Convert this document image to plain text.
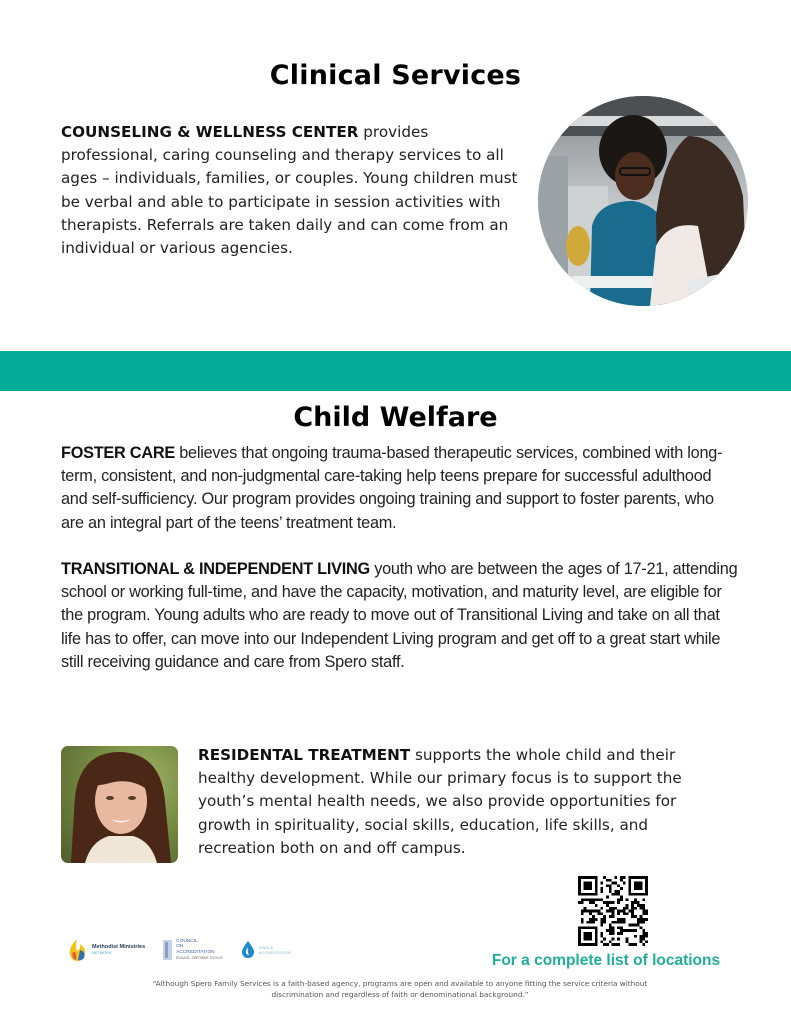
Clinical Services

COUNSELING & WELLNESS CENTER provides professional, caring counseling and therapy services to all ages – individuals, families, or couples. Young children must be verbal and able to participate in session activities with therapists. Referrals are taken daily and can come from an individual or various agencies.

Child Welfare

FOSTER CARE believes that ongoing trauma-based therapeutic services, combined with long-term, consistent, and non-judgmental care-taking help teens prepare for successful adulthood and self-sufficiency. Our program provides ongoing training and support to foster parents, who are an integral part of the teens’ treatment team.

TRANSITIONAL & INDEPENDENT LIVING youth who are between the ages of 17-21, attending school or working full-time, and have the capacity, motivation, and maturity level, are eligible for the program. Young adults who are ready to move out of Transitional Living and take on all that life has to offer, can move into our Independent Living program and get off to a great start while still receiving guidance and care from Spero staff.

RESIDENTAL TREATMENT supports the whole child and their healthy development. While our primary focus is to support the youth’s mental health needs, we also provide opportunities for growth in spirituality, social skills, education, life skills, and recreation both on and off campus.

Methodist Ministries
NETWORK
COUNCIL
ON
ACCREDITATION
ENGAGE. EMPOWER. EVOLVE
SINGLE
ACCREDITATION	For a complete list of locations

“Although Spero Family Services is a faith-based agency, programs are open and available to anyone fitting the service criteria without discrimination and regardless of faith or denominational background.”
